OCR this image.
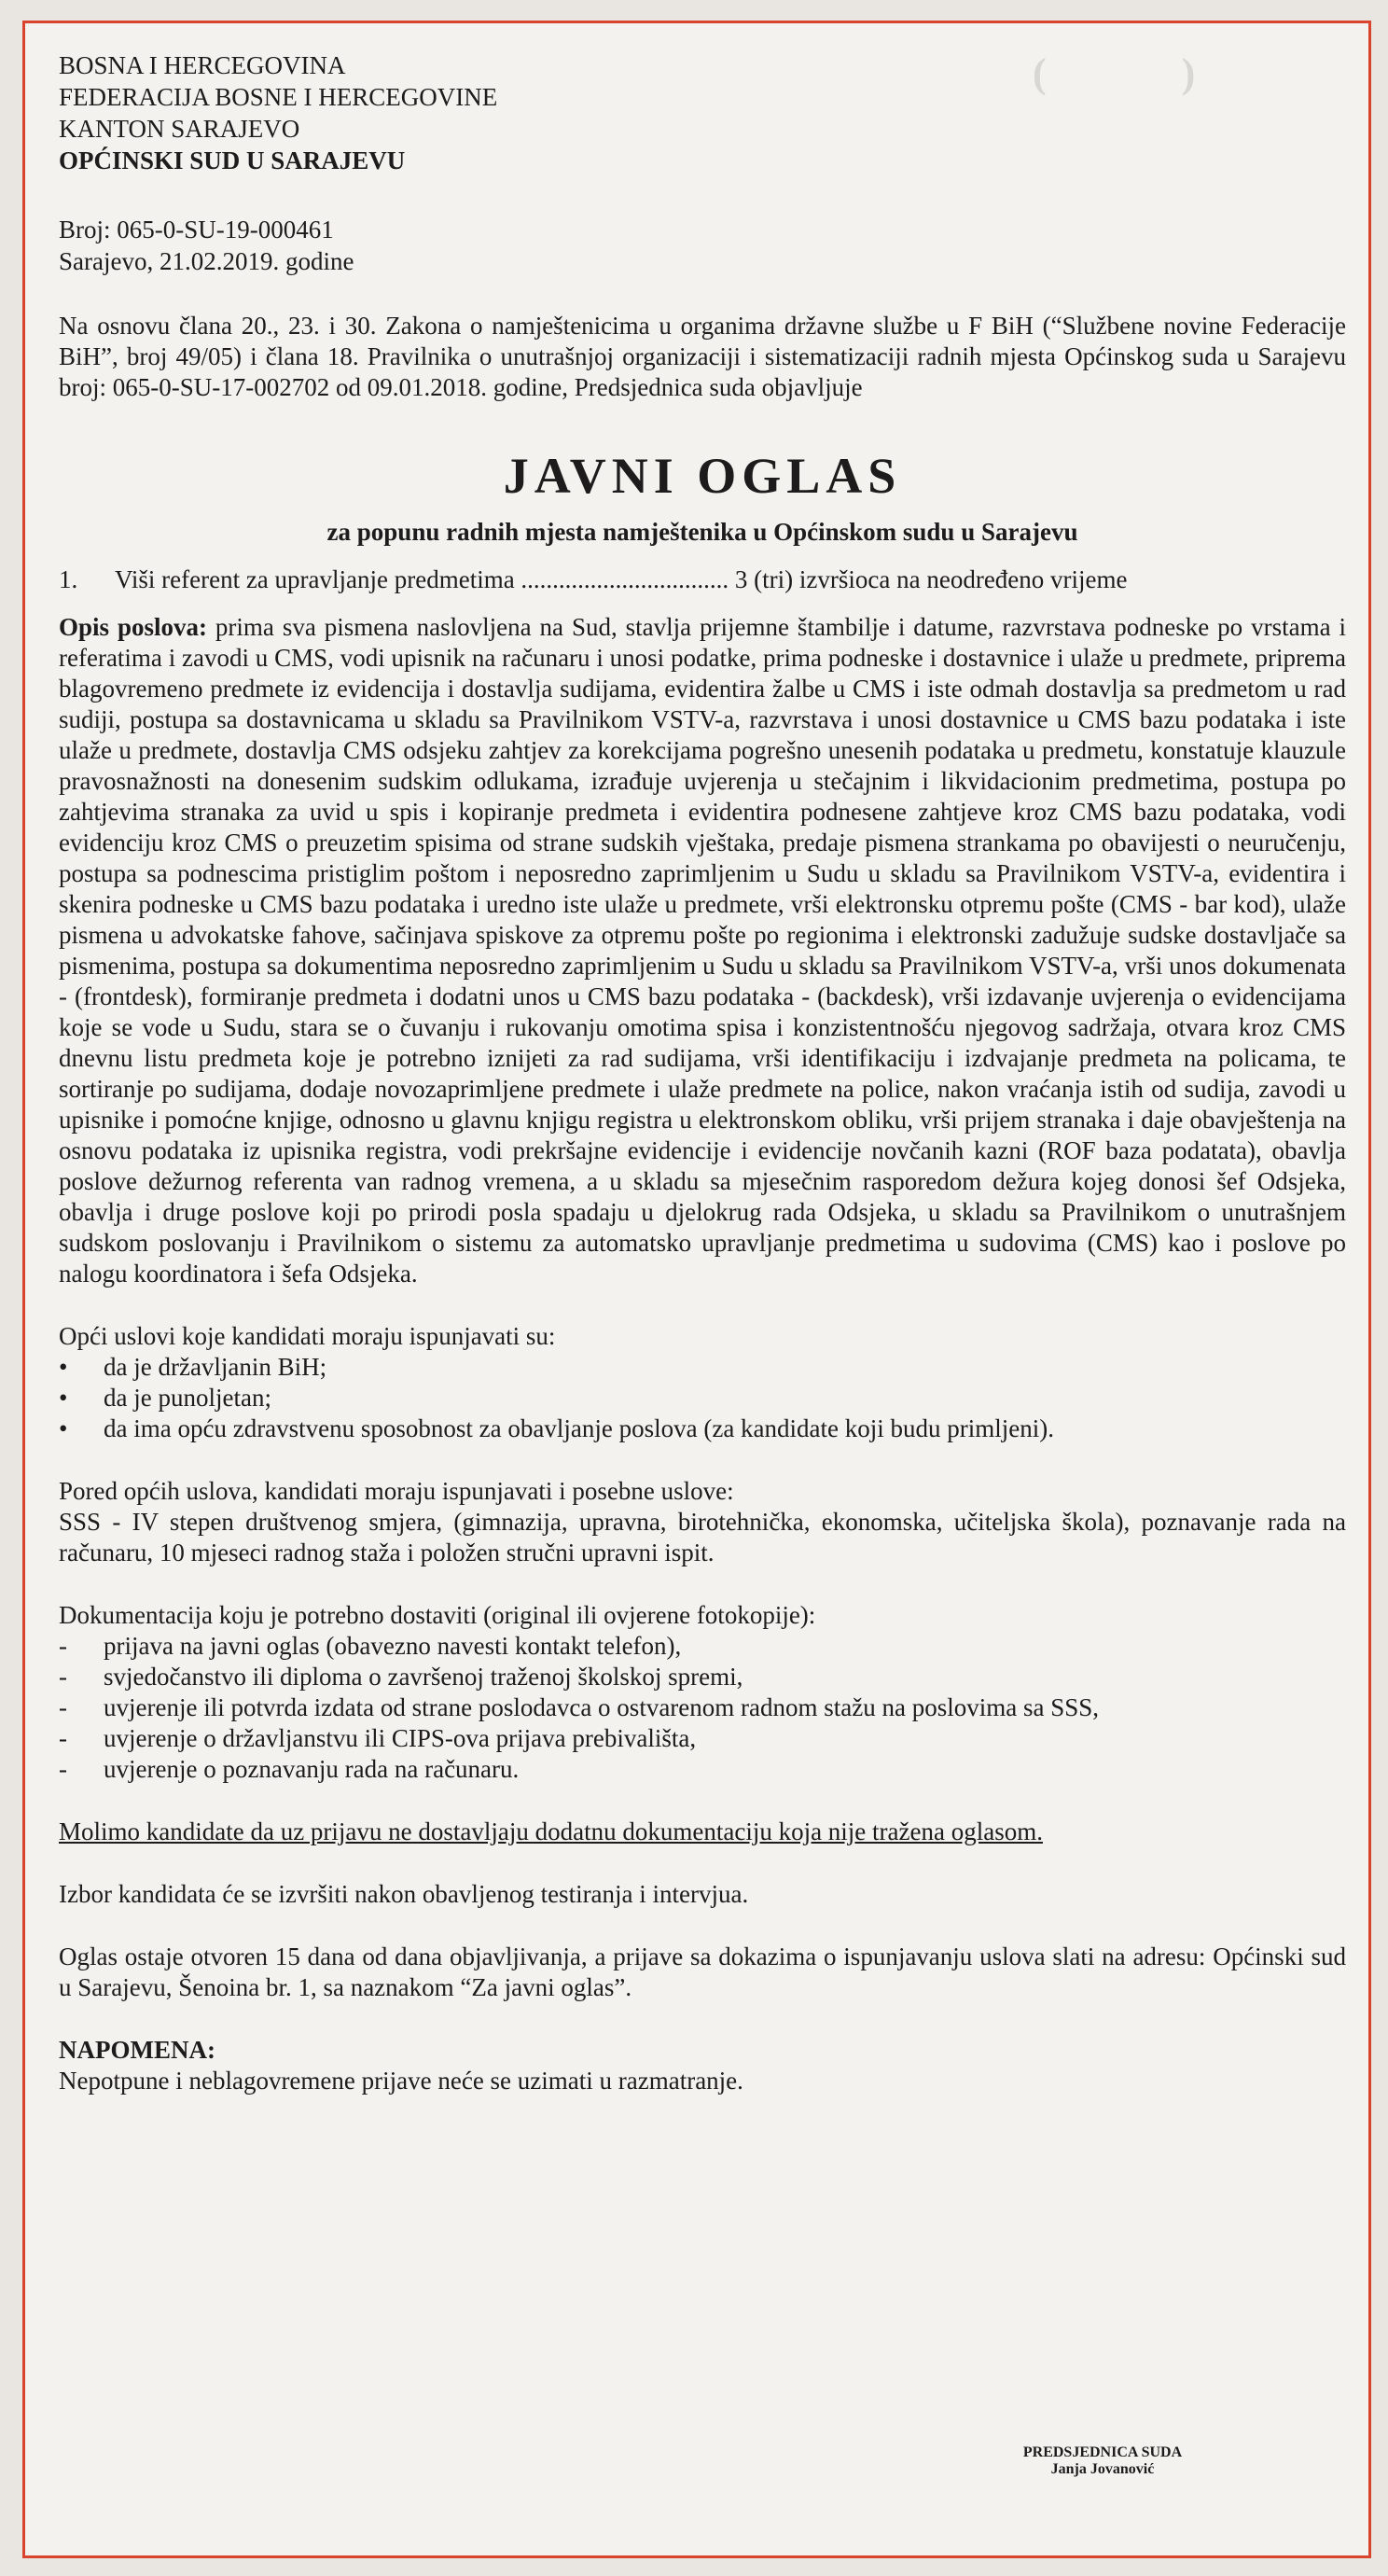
(           )
BOSNA I HERCEGOVINA
FEDERACIJA BOSNE I HERCEGOVINE
KANTON SARAJEVO
OPĆINSKI SUD U SARAJEVU
Broj: 065-0-SU-19-000461
Sarajevo, 21.02.2019. godine

Na osnovu člana 20., 23. i 30. Zakona o namještenicima u organima državne službe u F BiH (“Službene novine Federacije BiH”, broj 49/05) i člana 18. Pravilnika o unutrašnjoj organizaciji i sistematizaciji radnih mjesta Općinskog suda u Sarajevu broj: 065-0-SU-17-002702 od 09.01.2018. godine, Predsjednica suda objavljuje

JAVNI OGLAS
za popunu radnih mjesta namještenika u Općinskom sudu u Sarajevu
1.	Viši referent za upravljanje predmetima ................................. 3 (tri) izvršioca na neodređeno vrijeme

Opis poslova: prima sva pismena naslovljena na Sud, stavlja prijemne štambilje i datume, razvrstava podneske po vrstama i referatima i zavodi u CMS, vodi upisnik na računaru i unosi podatke, prima podneske i dostavnice i ulaže u predmete, priprema blagovremeno predmete iz evidencija i dostavlja sudijama, evidentira žalbe u CMS i iste odmah dostavlja sa predmetom u rad sudiji, postupa sa dostavnicama u skladu sa Pravilnikom VSTV-a, razvrstava i unosi dostavnice u CMS bazu podataka i iste ulaže u predmete, dostavlja CMS odsjeku zahtjev za korekcijama pogrešno unesenih podataka u predmetu, konstatuje klauzule pravosnažnosti na donesenim sudskim odlukama, izrađuje uvjerenja u stečajnim i likvidacionim predmetima, postupa po zahtjevima stranaka za uvid u spis i kopiranje predmeta i evidentira podnesene zahtjeve kroz CMS bazu podataka, vodi evidenciju kroz CMS o preuzetim spisima od strane sudskih vještaka, predaje pismena strankama po obavijesti o neuručenju, postupa sa podnescima pristiglim poštom i neposredno zaprimljenim u Sudu u skladu sa Pravilnikom VSTV-a, evidentira i skenira podneske u CMS bazu podataka i uredno iste ulaže u predmete, vrši elektronsku otpremu pošte (CMS - bar kod), ulaže pismena u advokatske fahove, sačinjava spiskove za otpremu pošte po regionima i elektronski zadužuje sudske dostavljače sa pismenima, postupa sa dokumentima neposredno zaprimljenim u Sudu u skladu sa Pravilnikom VSTV-a, vrši unos dokumenata - (frontdesk), formiranje predmeta i dodatni unos u CMS bazu podataka - (backdesk), vrši izdavanje uvjerenja o evidencijama koje se vode u Sudu, stara se o čuvanju i rukovanju omotima spisa i konzistentnošću njegovog sadržaja, otvara kroz CMS dnevnu listu predmeta koje je potrebno iznijeti za rad sudijama, vrši identifikaciju i izdvajanje predmeta na policama, te sortiranje po sudijama, dodaje novozaprimljene predmete i ulaže predmete na police, nakon vraćanja istih od sudija, zavodi u upisnike i pomoćne knjige, odnosno u glavnu knjigu registra u elektronskom obliku, vrši prijem stranaka i daje obavještenja na osnovu podataka iz upisnika registra, vodi prekršajne evidencije i evidencije novčanih kazni (ROF baza podatata), obavlja poslove dežurnog referenta van radnog vremena, a u skladu sa mjesečnim rasporedom dežura kojeg donosi šef Odsjeka, obavlja i druge poslove koji po prirodi posla spadaju u djelokrug rada Odsjeka, u skladu sa Pravilnikom o unutrašnjem sudskom poslovanju i Pravilnikom o sistemu za automatsko upravljanje predmetima u sudovima (CMS) kao i poslove po nalogu koordinatora i šefa Odsjeka.

Opći uslovi koje kandidati moraju ispunjavati su:
•	da je državljanin BiH;
•	da je punoljetan;
•	da ima opću zdravstvenu sposobnost za obavljanje poslova (za kandidate koji budu primljeni).
Pored općih uslova, kandidati moraju ispunjavati i posebne uslove:

SSS - IV stepen društvenog smjera, (gimnazija, upravna, birotehnička, ekonomska, učiteljska škola), poznavanje rada na računaru, 10 mjeseci radnog staža i položen stručni upravni ispit.

Dokumentacija koju je potrebno dostaviti (original ili ovjerene fotokopije):
-	prijava na javni oglas (obavezno navesti kontakt telefon),
-	svjedočanstvo ili diploma o završenoj traženoj školskoj spremi,
-	uvjerenje ili potvrda izdata od strane poslodavca o ostvarenom radnom stažu na poslovima sa SSS,
-	uvjerenje o državljanstvu ili CIPS-ova prijava prebivališta,
-	uvjerenje o poznavanju rada na računaru.
Molimo kandidate da uz prijavu ne dostavljaju dodatnu dokumentaciju koja nije tražena oglasom.
Izbor kandidata će se izvršiti nakon obavljenog testiranja i intervjua.

Oglas ostaje otvoren 15 dana od dana objavljivanja, a prijave sa dokazima o ispunjavanju uslova slati na adresu: Općinski sud u Sarajevu, Šenoina br. 1, sa naznakom “Za javni oglas”.

NAPOMENA:
Nepotpune i neblagovremene prijave neće se uzimati u razmatranje.
PREDSJEDNICA SUDA
Janja Jovanović
